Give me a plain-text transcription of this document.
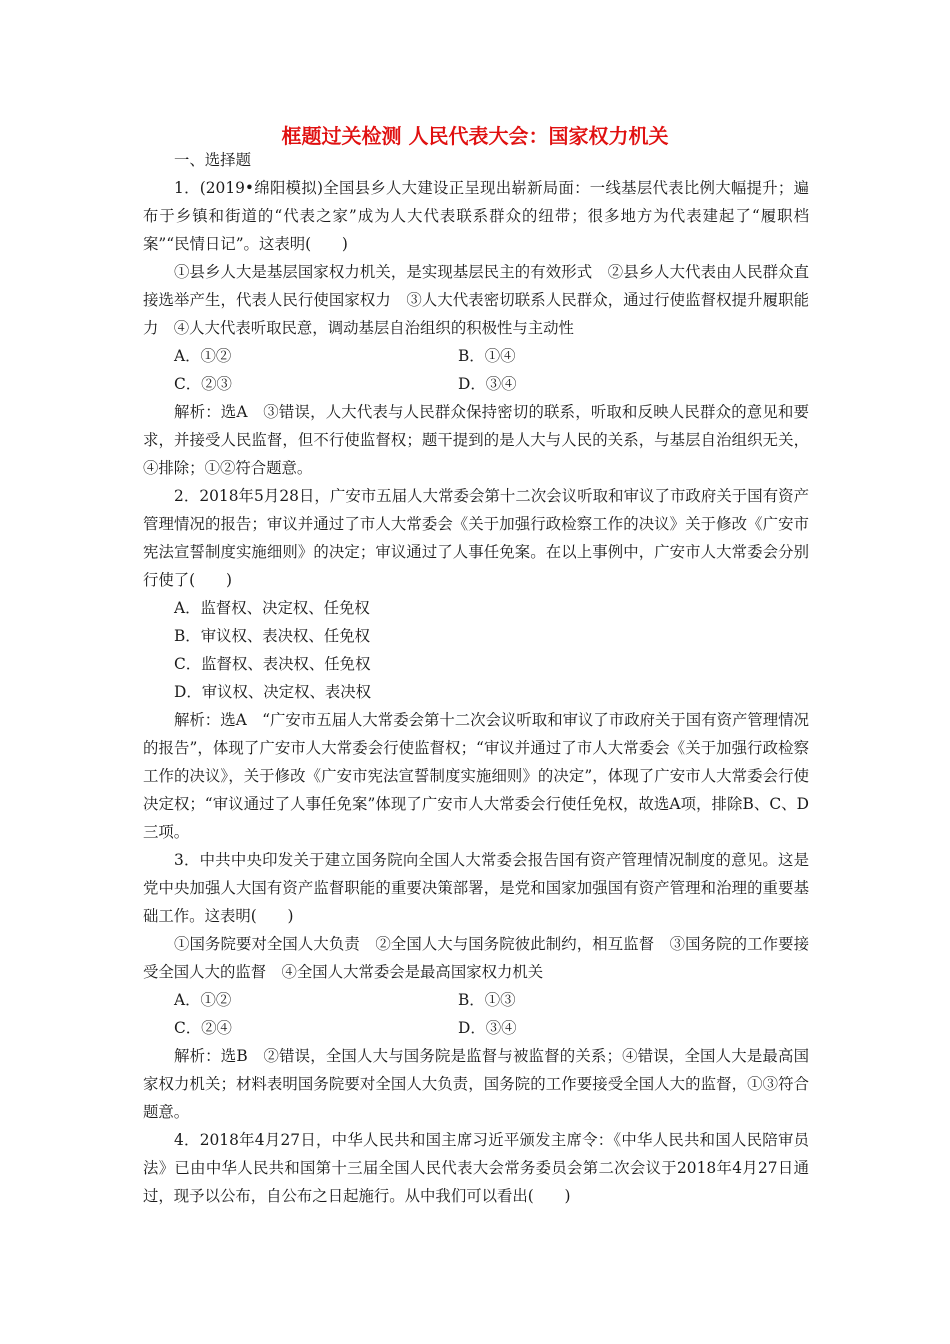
框题过关检测 人民代表大会：国家权力机关

一、选择题

1．(2019•绵阳模拟)全国县乡人大建设正呈现出崭新局面：一线基层代表比例大幅提升；遍布于乡镇和街道的“代表之家”成为人大代表联系群众的纽带；很多地方为代表建起了“履职档案”“民情日记”。这表明(　　)

①县乡人大是基层国家权力机关，是实现基层民主的有效形式　②县乡人大代表由人民群众直接选举产生，代表人民行使国家权力　③人大代表密切联系人民群众，通过行使监督权提升履职能力　④人大代表听取民意，调动基层自治组织的积极性与主动性

A．①②	B．①④
C．②③	D．③④

解析：选A　③错误，人大代表与人民群众保持密切的联系，听取和反映人民群众的意见和要求，并接受人民监督，但不行使监督权；题干提到的是人大与人民的关系，与基层自治组织无关，④排除；①②符合题意。

2．2018年5月28日，广安市五届人大常委会第十二次会议听取和审议了市政府关于国有资产管理情况的报告；审议并通过了市人大常委会《关于加强行政检察工作的决议》关于修改《广安市宪法宣誓制度实施细则》的决定；审议通过了人事任免案。在以上事例中，广安市人大常委会分别行使了(　　)

A．监督权、决定权、任免权

B．审议权、表决权、任免权

C．监督权、表决权、任免权

D．审议权、决定权、表决权

解析：选A　“广安市五届人大常委会第十二次会议听取和审议了市政府关于国有资产管理情况的报告”，体现了广安市人大常委会行使监督权；“审议并通过了市人大常委会《关于加强行政检察工作的决议》，关于修改《广安市宪法宣誓制度实施细则》的决定”，体现了广安市人大常委会行使决定权；“审议通过了人事任免案”体现了广安市人大常委会行使任免权，故选A项，排除B、C、D三项。

3．中共中央印发关于建立国务院向全国人大常委会报告国有资产管理情况制度的意见。这是党中央加强人大国有资产监督职能的重要决策部署，是党和国家加强国有资产管理和治理的重要基础工作。这表明(　　)

①国务院要对全国人大负责　②全国人大与国务院彼此制约，相互监督　③国务院的工作要接受全国人大的监督　④全国人大常委会是最高国家权力机关

A．①②	B．①③
C．②④	D．③④

解析：选B　②错误，全国人大与国务院是监督与被监督的关系；④错误，全国人大是最高国家权力机关；材料表明国务院要对全国人大负责，国务院的工作要接受全国人大的监督，①③符合题意。

4．2018年4月27日，中华人民共和国主席习近平颁发主席令：《中华人民共和国人民陪审员法》已由中华人民共和国第十三届全国人民代表大会常务委员会第二次会议于2018年4月27日通过，现予以公布，自公布之日起施行。从中我们可以看出(　　)
